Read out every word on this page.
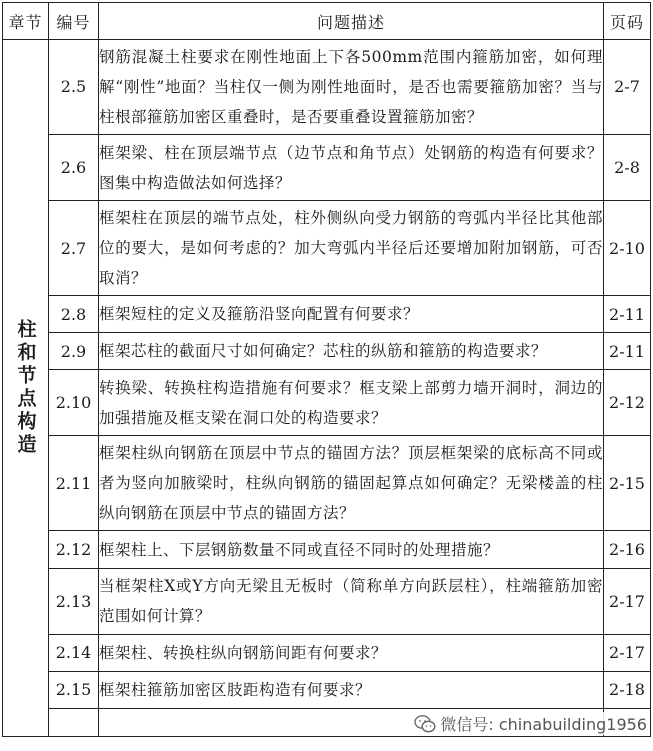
章节	编号	问题描述	页码
柱和节点构造	2.5	钢筋混凝土柱要求在刚性地面上下各500mm范围内箍筋加密，如何理解“刚性”地面？当柱仅一侧为刚性地面时，是否也需要箍筋加密？当与柱根部箍筋加密区重叠时，是否要重叠设置箍筋加密？	2-7
	2.6	框架梁、柱在顶层端节点（边节点和角节点）处钢筋的构造有何要求？图集中构造做法如何选择？	2-8
	2.7	框架柱在顶层的端节点处，柱外侧纵向受力钢筋的弯弧内半径比其他部位的要大，是如何考虑的？加大弯弧内半径后还要增加附加钢筋，可否取消？	2-10
	2.8	框架短柱的定义及箍筋沿竖向配置有何要求？	2-11
	2.9	框架芯柱的截面尺寸如何确定？芯柱的纵筋和箍筋的构造要求？	2-11
	2.10	转换梁、转换柱构造措施有何要求？框支梁上部剪力墙开洞时，洞边的加强措施及框支梁在洞口处的构造要求？	2-12
	2.11	框架柱纵向钢筋在顶层中节点的锚固方法？顶层框架梁的底标高不同或者为竖向加腋梁时，柱纵向钢筋的锚固起算点如何确定？无梁楼盖的柱纵向钢筋在顶层中节点的锚固方法？	2-15
	2.12	框架柱上、下层钢筋数量不同或直径不同时的处理措施？	2-16
	2.13	当框架柱X或Y方向无梁且无板时（简称单方向跃层柱），柱端箍筋加密范围如何计算？	2-17
	2.14	框架柱、转换柱纵向钢筋间距有何要求？	2-17
	2.15	框架柱箍筋加密区肢距构造有何要求？	2-18

微信号: chinabuilding1956
